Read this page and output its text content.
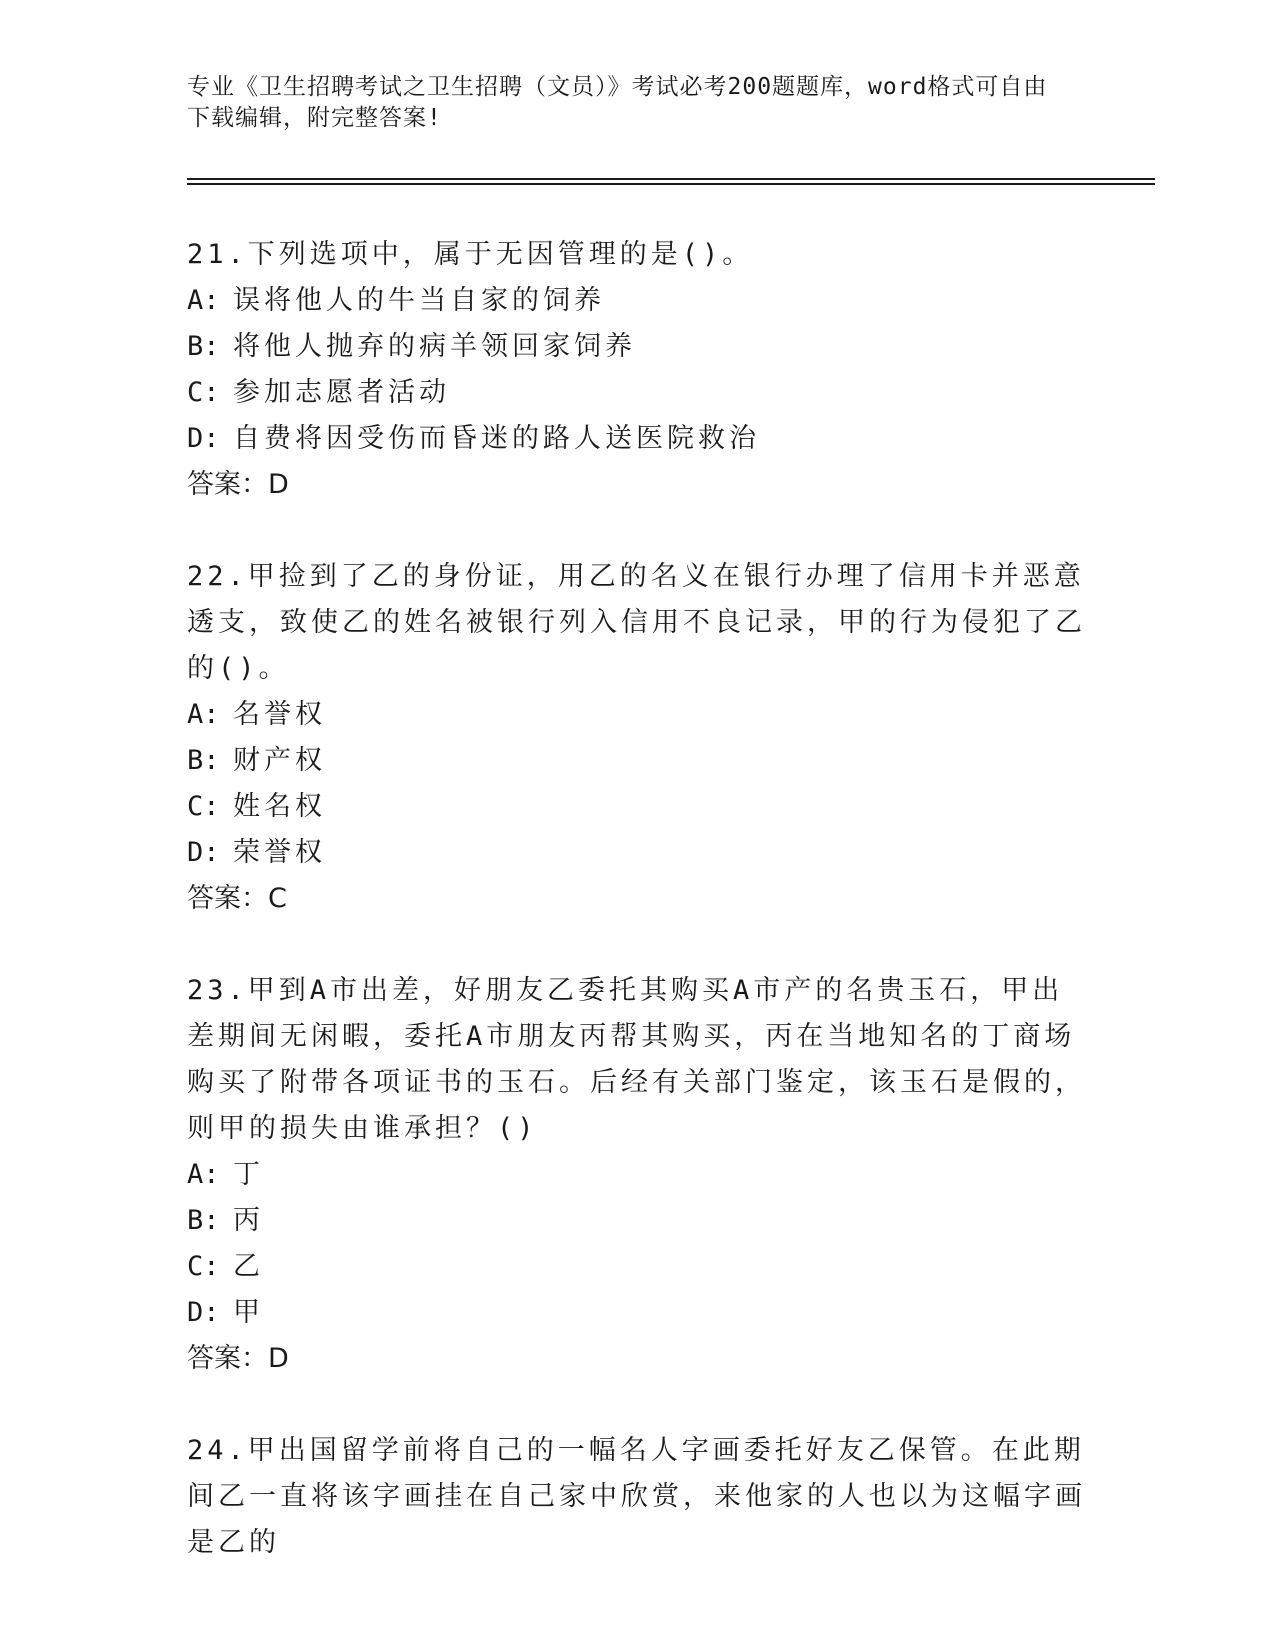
专业《卫生招聘考试之卫生招聘（文员）》考试必考200题题库，word格式可自由下载编辑，附完整答案!

21.下列选项中，属于无因管理的是()。

A: 误将他人的牛当自家的饲养

B: 将他人抛弃的病羊领回家饲养

C: 参加志愿者活动

D: 自费将因受伤而昏迷的路人送医院救治

答案：D

22.甲捡到了乙的身份证，用乙的名义在银行办理了信用卡并恶意透支，致使乙的姓名被银行列入信用不良记录，甲的行为侵犯了乙的()。

A: 名誉权

B: 财产权

C: 姓名权

D: 荣誉权

答案：C

23.甲到A市出差，好朋友乙委托其购买A市产的名贵玉石，甲出差期间无闲暇，委托A市朋友丙帮其购买，丙在当地知名的丁商场购买了附带各项证书的玉石。后经有关部门鉴定，该玉石是假的，则甲的损失由谁承担？()

A: 丁

B: 丙

C: 乙

D: 甲

答案：D

24.甲出国留学前将自己的一幅名人字画委托好友乙保管。在此期间乙一直将该字画挂在自己家中欣赏，来他家的人也以为这幅字画是乙的
